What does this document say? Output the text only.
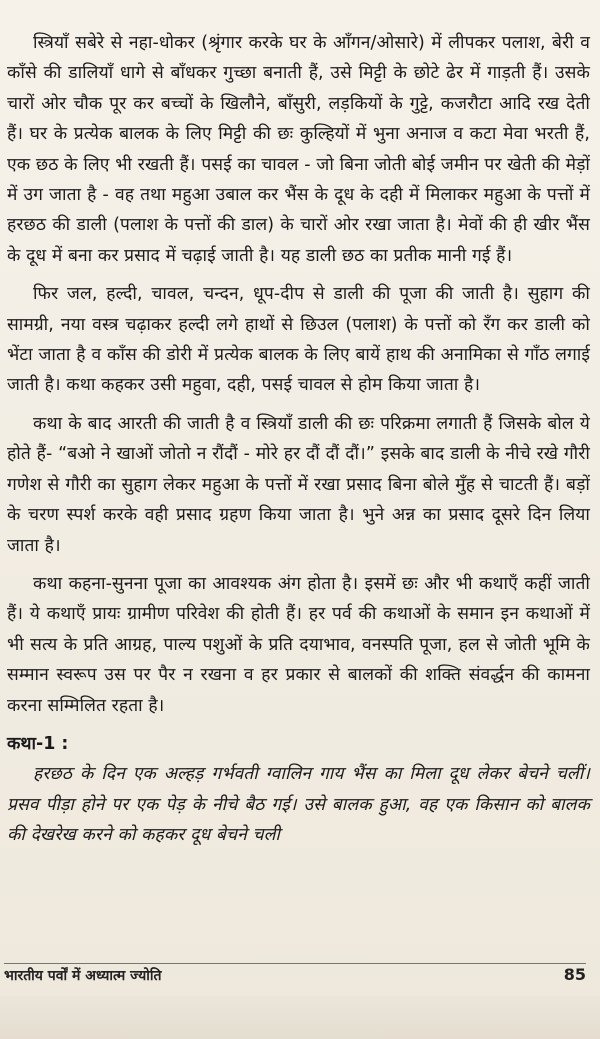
स्त्रियाँ सबेरे से नहा-धोकर (श्रृंगार करके घर के आँगन/ओसारे) में लीपकर पलाश, बेरी व काँसे की डालियाँ धागे से बाँधकर गुच्छा बनाती हैं, उसे मिट्टी के छोटे ढेर में गाड़ती हैं। उसके चारों ओर चौक पूर कर बच्चों के खिलौने, बाँसुरी, लड़कियों के गुट्टे, कजरौटा आदि रख देती हैं। घर के प्रत्येक बालक के लिए मिट्टी की छः कुल्हियों में भुना अनाज व कटा मेवा भरती हैं, एक छठ के लिए भी रखती हैं। पसई का चावल - जो बिना जोती बोई जमीन पर खेती की मेड़ों में उग जाता है - वह तथा महुआ उबाल कर भैंस के दूध के दही में मिलाकर महुआ के पत्तों में हरछठ की डाली (पलाश के पत्तों की डाल) के चारों ओर रखा जाता है। मेवों की ही खीर भैंस के दूध में बना कर प्रसाद में चढ़ाई जाती है। यह डाली छठ का प्रतीक मानी गई हैं।

फिर जल, हल्दी, चावल, चन्दन, धूप-दीप से डाली की पूजा की जाती है। सुहाग की सामग्री, नया वस्त्र चढ़ाकर हल्दी लगे हाथों से छिउल (पलाश) के पत्तों को रँग कर डाली को भेंटा जाता है व काँस की डोरी में प्रत्येक बालक के लिए बायें हाथ की अनामिका से गाँठ लगाई जाती है। कथा कहकर उसी महुवा, दही, पसई चावल से होम किया जाता है।

कथा के बाद आरती की जाती है व स्त्रियाँ डाली की छः परिक्रमा लगाती हैं जिसके बोल ये होते हैं- “बओ ने खाओं जोतो न रौंदौं - मोरे हर दौं दौं दौं।” इसके बाद डाली के नीचे रखे गौरी गणेश से गौरी का सुहाग लेकर महुआ के पत्तों में रखा प्रसाद बिना बोले मुँह से चाटती हैं। बड़ों के चरण स्पर्श करके वही प्रसाद ग्रहण किया जाता है। भुने अन्न का प्रसाद दूसरे दिन लिया जाता है।

कथा कहना-सुनना पूजा का आवश्यक अंग होता है। इसमें छः और भी कथाएँ कहीं जाती हैं। ये कथाएँ प्रायः ग्रामीण परिवेश की होती हैं। हर पर्व की कथाओं के समान इन कथाओं में भी सत्य के प्रति आग्रह, पाल्य पशुओं के प्रति दयाभाव, वनस्पति पूजा, हल से जोती भूमि के सम्मान स्वरूप उस पर पैर न रखना व हर प्रकार से बालकों की शक्ति संवर्द्धन की कामना करना सम्मिलित रहता है।

कथा-1 :

हरछठ के दिन एक अल्हड़ गर्भवती ग्वालिन गाय भैंस का मिला दूध लेकर बेचने चलीं। प्रसव पीड़ा होने पर एक पेड़ के नीचे बैठ गई। उसे बालक हुआ, वह एक किसान को बालक की देखरेख करने को कहकर दूध बेचने चली

भारतीय पर्वों में अध्यात्म ज्योति	85
